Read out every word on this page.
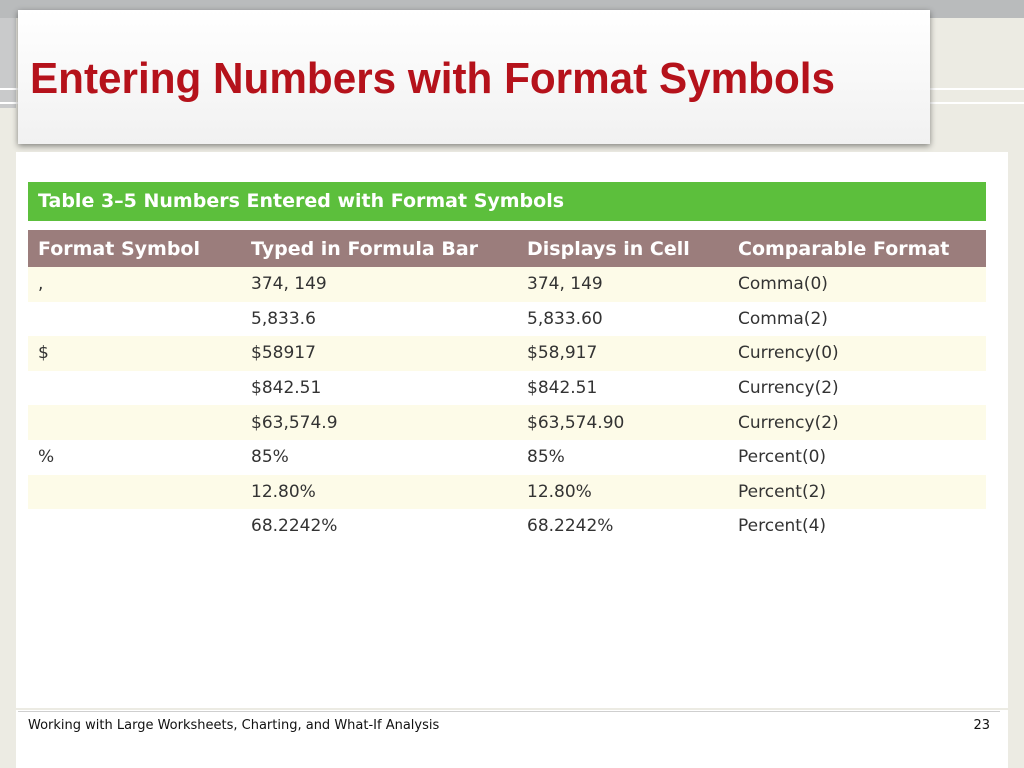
Entering Numbers with Format Symbols
Table 3–5 Numbers Entered with Format Symbols
Format Symbol	Typed in Formula Bar	Displays in Cell	Comparable Format
,	374, 149	374, 149	Comma(0)
	5,833.6	5,833.60	Comma(2)
$	$58917	$58,917	Currency(0)
	$842.51	$842.51	Currency(2)
	$63,574.9	$63,574.90	Currency(2)
%	85%	85%	Percent(0)
	12.80%	12.80%	Percent(2)
	68.2242%	68.2242%	Percent(4)
Working with Large Worksheets, Charting, and What-If Analysis	23
